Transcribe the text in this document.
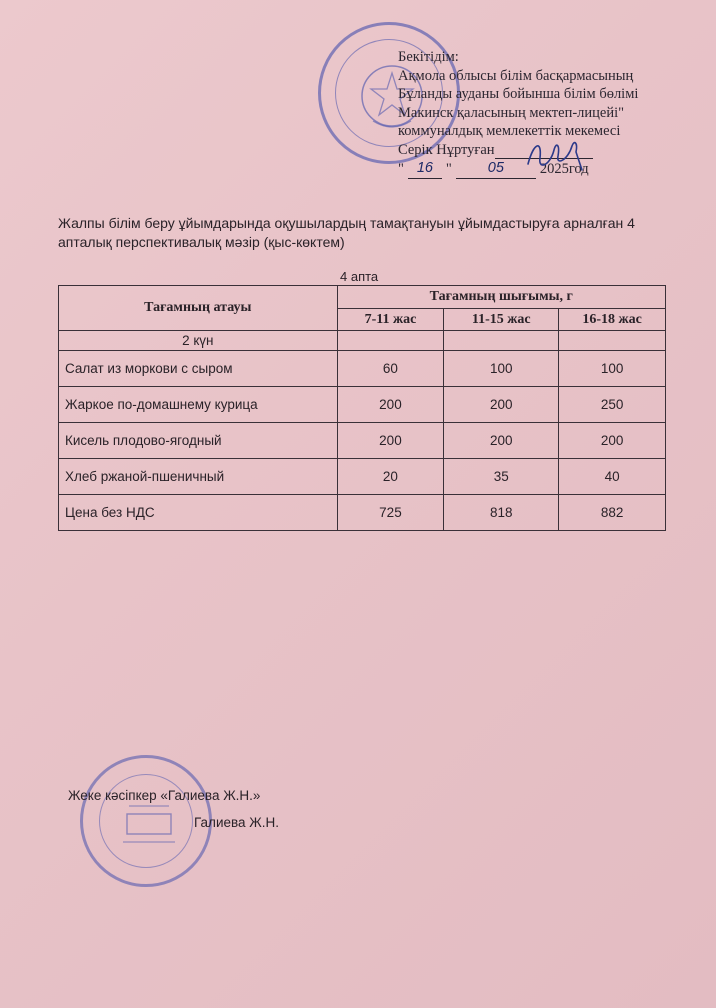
Бекітідім:
Ақмола облысы білім басқармасының
Бұланды ауданы бойынша білім бөлімі
Макинск қаласының мектеп-лицейі"
коммуналдық мемлекеттік мекемесі
Серік Нұртуған
" 16 "	05	2025год
Жалпы білім беру ұйымдарында оқушылардың тамақтануын ұйымдастыруға арналған 4 апталық перспективалық мәзір (қыс-көктем)
4 апта
Тағамның атауы	Тағамның шығымы, г		
	7-11 жас	11-15 жас	16-18 жас
2 күн			
Салат из моркови с сыром	60	100	100
Жаркое по-домашнему курица	200	200	250
Кисель плодово-ягодный	200	200	200
Хлеб ржаной-пшеничный	20	35	40
Цена без НДС	725	818	882
Жеке кәсіпкер «Галиева Ж.Н.»
Галиева Ж.Н.
